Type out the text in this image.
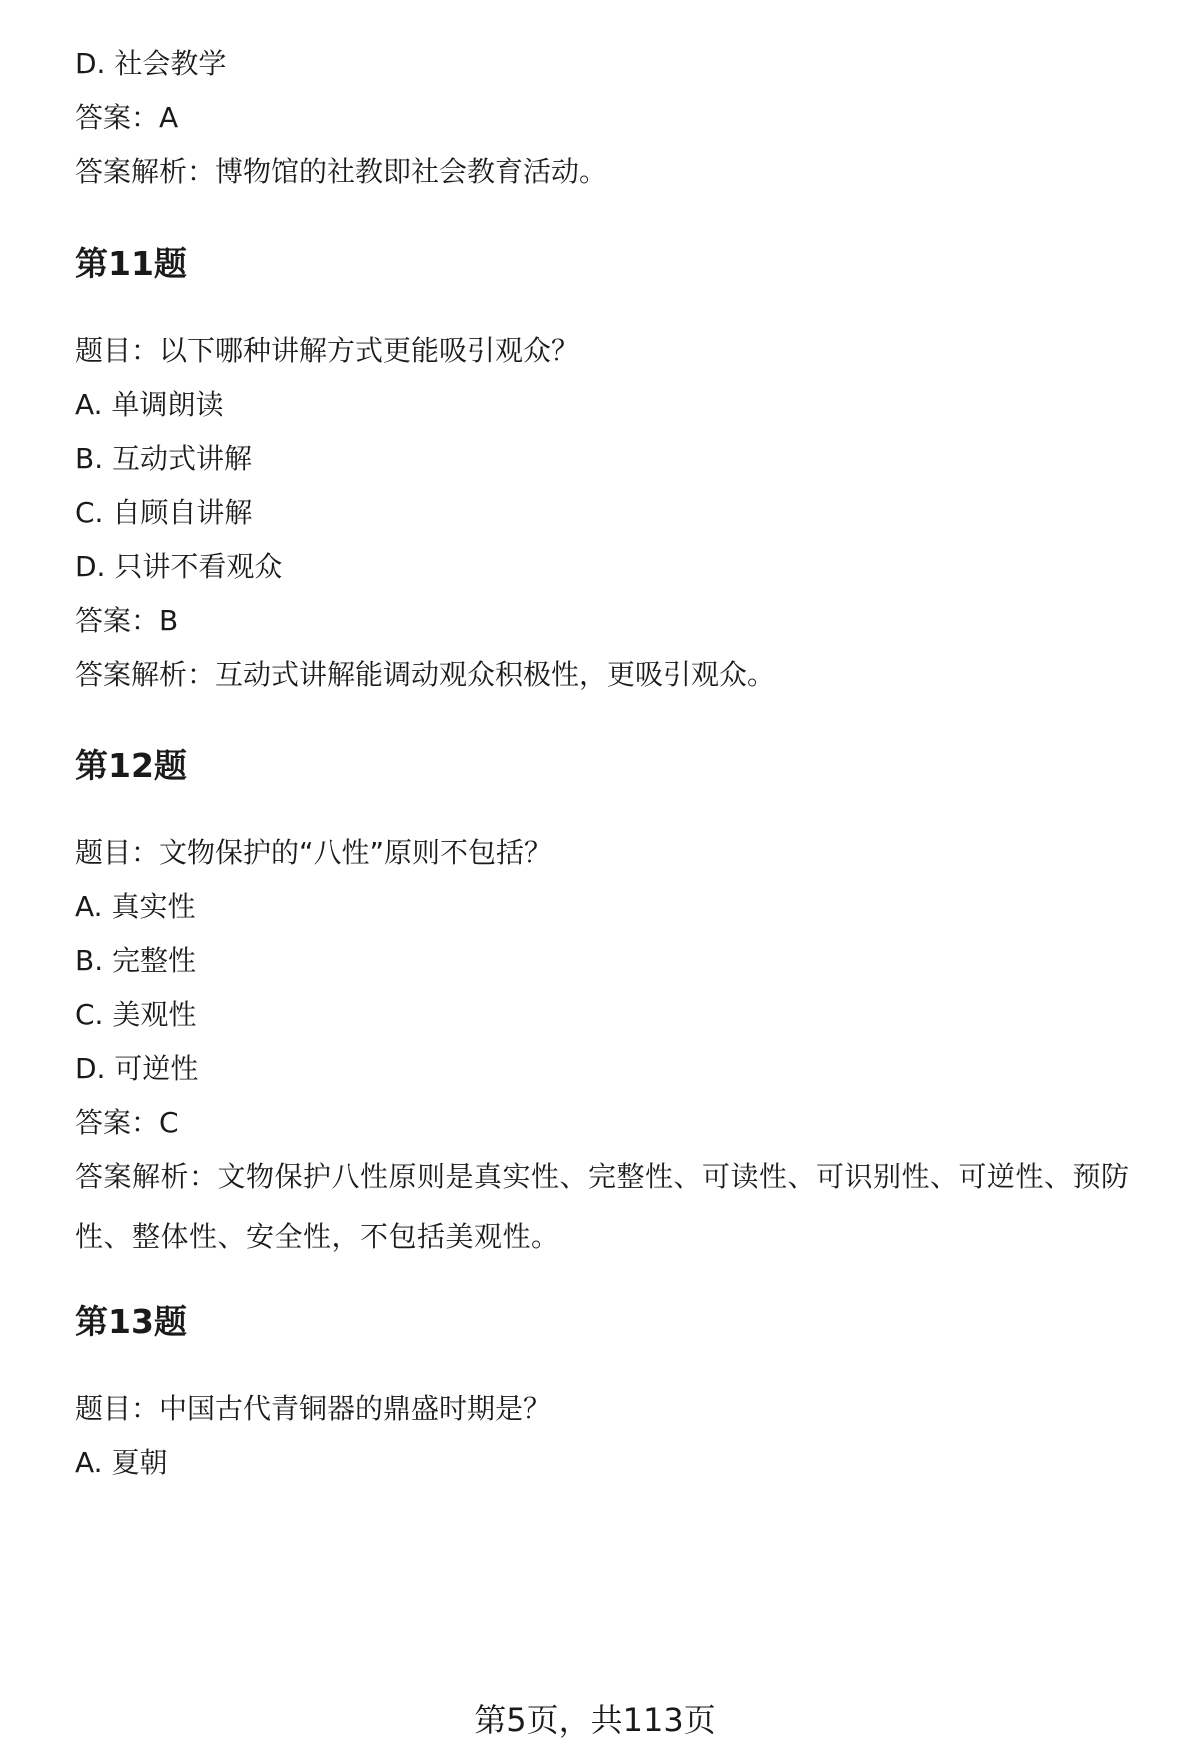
D. 社会教学
答案：A
答案解析：博物馆的社教即社会教育活动。
第11题
题目：以下哪种讲解方式更能吸引观众？
A. 单调朗读
B. 互动式讲解
C. 自顾自讲解
D. 只讲不看观众
答案：B
答案解析：互动式讲解能调动观众积极性，更吸引观众。
第12题
题目：文物保护的“八性”原则不包括？
A. 真实性
B. 完整性
C. 美观性
D. 可逆性
答案：C
答案解析：文物保护八性原则是真实性、完整性、可读性、可识别性、可逆性、预防性、整体性、安全性，不包括美观性。
第13题
题目：中国古代青铜器的鼎盛时期是？
A. 夏朝
第5页，共113页
